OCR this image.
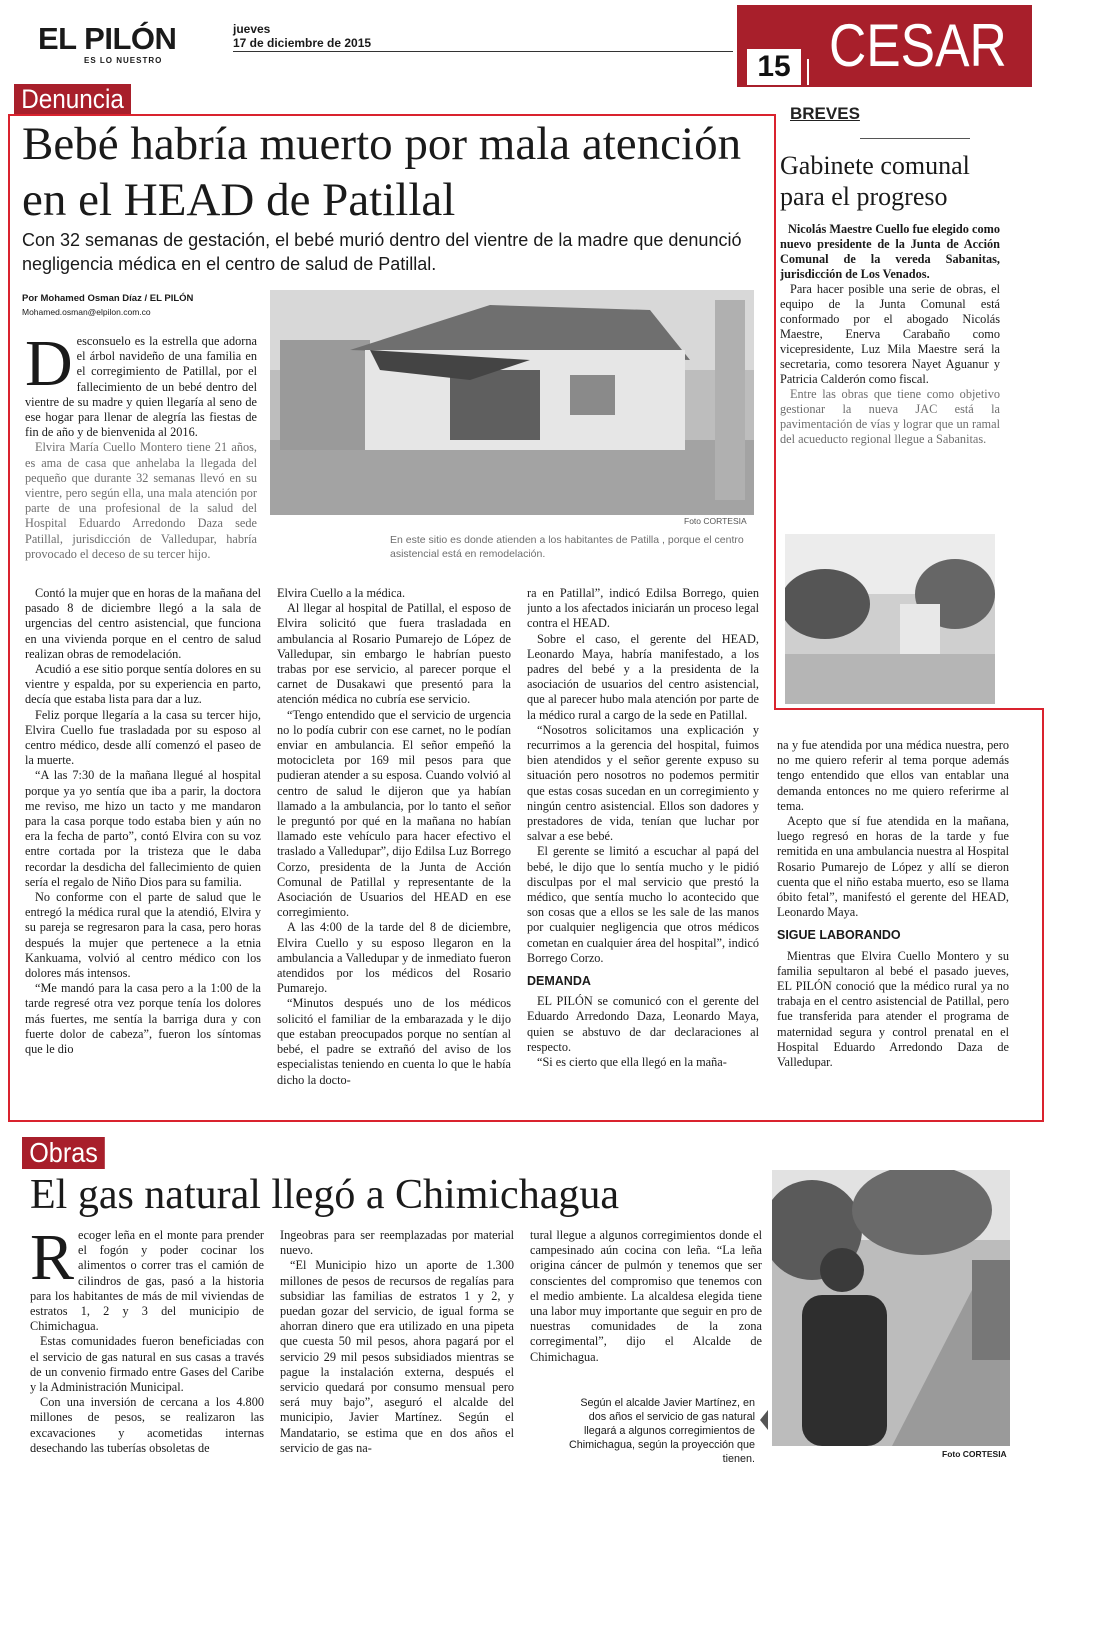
EL PILÓN
ES LO NUESTRO
jueves
17 de diciembre de 2015
15 CESAR
Denuncia
Bebé habría muerto por mala atención en el HEAD de Patillal
Con 32 semanas de gestación, el bebé murió dentro del vientre de la madre que denunció negligencia médica en el centro de salud de Patillal.
Por Mohamed Osman Díaz / EL PILÓN
Mohamed.osman@elpilon.com.co
Foto CORTESIA
En este sitio es donde atienden a los habitantes de Patilla , porque el centro asistencial está en remodelación.
D esconsuelo es la estrella que adorna el árbol navideño de una familia en el corregimiento de Patillal, por el fallecimiento de un bebé dentro del vientre de su madre y quien llegaría al seno de ese hogar para llenar de alegría las fiestas de fin de año y de bienvenida al 2016.

Elvira María Cuello Montero tiene 21 años, es ama de casa que anhelaba la llegada del pequeño que durante 32 semanas llevó en su vientre, pero según ella, una mala atención por parte de una profesional de la salud del Hospital Eduardo Arredondo Daza sede Patillal, jurisdicción de Valledupar, habría provocado el deceso de su tercer hijo.

Contó la mujer que en horas de la mañana del pasado 8 de diciembre llegó a la sala de urgencias del centro asistencial, que funciona en una vivienda porque en el centro de salud realizan obras de remodelación.

Acudió a ese sitio porque sentía dolores en su vientre y espalda, por su experiencia en parto, decía que estaba lista para dar a luz.

Feliz porque llegaría a la casa su tercer hijo, Elvira Cuello fue trasladada por su esposo al centro médico, desde allí comenzó el paseo de la muerte.

“A las 7:30 de la mañana llegué al hospital porque ya yo sentía que iba a parir, la doctora me reviso, me hizo un tacto y me mandaron para la casa porque todo estaba bien y aún no era la fecha de parto”, contó Elvira con su voz entre cortada por la tristeza que le daba recordar la desdicha del fallecimiento de quien sería el regalo de Niño Dios para su familia.

No conforme con el parte de salud que le entregó la médica rural que la atendió, Elvira y su pareja se regresaron para la casa, pero horas después la mujer que pertenece a la etnia Kankuama, volvió al centro médico con los dolores más intensos.

“Me mandó para la casa pero a la 1:00 de la tarde regresé otra vez porque tenía los dolores más fuertes, me sentía la barriga dura y con fuerte dolor de cabeza”, fueron los síntomas que le dio

Elvira Cuello a la médica.

Al llegar al hospital de Patillal, el esposo de Elvira solicitó que fuera trasladada en ambulancia al Rosario Pumarejo de López de Valledupar, sin embargo le habrían puesto trabas por ese servicio, al parecer porque el carnet de Dusakawi que presentó para la atención médica no cubría ese servicio.

“Tengo entendido que el servicio de urgencia no lo podía cubrir con ese carnet, no le podían enviar en ambulancia. El señor empeñó la motocicleta por 169 mil pesos para que pudieran atender a su esposa. Cuando volvió al centro de salud le dijeron que ya habían llamado a la ambulancia, por lo tanto el señor le preguntó por qué en la mañana no habían llamado este vehículo para hacer efectivo el traslado a Valledupar”, dijo Edilsa Luz Borrego Corzo, presidenta de la Junta de Acción Comunal de Patillal y representante de la Asociación de Usuarios del HEAD en ese corregimiento.

A las 4:00 de la tarde del 8 de diciembre, Elvira Cuello y su esposo llegaron en la ambulancia a Valledupar y de inmediato fueron atendidos por los médicos del Rosario Pumarejo.

“Minutos después uno de los médicos solicitó el familiar de la embarazada y le dijo que estaban preocupados porque no sentían al bebé, el padre se extrañó del aviso de los especialistas teniendo en cuenta lo que le había dicho la docto-

ra en Patillal”, indicó Edilsa Borrego, quien junto a los afectados iniciarán un proceso legal contra el HEAD.

Sobre el caso, el gerente del HEAD, Leonardo Maya, habría manifestado, a los padres del bebé y a la presidenta de la asociación de usuarios del centro asistencial, que al parecer hubo mala atención por parte de la médico rural a cargo de la sede en Patillal.

“Nosotros solicitamos una explicación y recurrimos a la gerencia del hospital, fuimos bien atendidos y el señor gerente expuso su situación pero nosotros no podemos permitir que estas cosas sucedan en un corregimiento y ningún centro asistencial. Ellos son dadores y prestadores de vida, tenían que luchar por salvar a ese bebé.

El gerente se limitó a escuchar al papá del bebé, le dijo que lo sentía mucho y le pidió disculpas por el mal servicio que prestó la médico, que sentía mucho lo acontecido que son cosas que a ellos se les sale de las manos por cualquier negligencia que otros médicos cometan en cualquier área del hospital”, indicó Borrego Corzo.

DEMANDA

EL PILÓN se comunicó con el gerente del Eduardo Arredondo Daza, Leonardo Maya, quien se abstuvo de dar declaraciones al respecto.

“Si es cierto que ella llegó en la maña-

na y fue atendida por una médica nuestra, pero no me quiero referir al tema porque además tengo entendido que ellos van entablar una demanda entonces no me quiero referirme al tema.

Acepto que sí fue atendida en la mañana, luego regresó en horas de la tarde y fue remitida en una ambulancia nuestra al Hospital Rosario Pumarejo de López y allí se dieron cuenta que el niño estaba muerto, eso se llama óbito fetal”, manifestó el gerente del HEAD, Leonardo Maya.

SIGUE LABORANDO

Mientras que Elvira Cuello Montero y su familia sepultaron al bebé el pasado jueves, EL PILÓN conoció que la médico rural ya no trabaja en el centro asistencial de Patillal, pero fue transferida para atender el programa de maternidad segura y control prenatal en el Hospital Eduardo Arredondo Daza de Valledupar.

BREVES
Gabinete comunal para el progreso

Nicolás Maestre Cuello fue elegido como nuevo presidente de la Junta de Acción Comunal de la vereda Sabanitas, jurisdicción de Los Venados.

Para hacer posible una serie de obras, el equipo de la Junta Comunal está conformado por el abogado Nicolás Maestre, Enerva Carabaño como vicepresidente, Luz Mila Maestre será la secretaria, como tesorera Nayet Aguanur y Patricia Calderón como fiscal.

Entre las obras que tiene como objetivo gestionar la nueva JAC está la pavimentación de vías y lograr que un ramal del acueducto regional llegue a Sabanitas.

Obras
El gas natural llegó a Chimichagua
R ecoger leña en el monte para prender el fogón y poder cocinar los alimentos o correr tras el camión de cilindros de gas, pasó a la historia para los habitantes de más de mil viviendas de estratos 1, 2 y 3 del municipio de Chimichagua.

Estas comunidades fueron beneficiadas con el servicio de gas natural en sus casas a través de un convenio firmado entre Gases del Caribe y la Administración Municipal.

Con una inversión de cercana a los 4.800 millones de pesos, se realizaron las excavaciones y acometidas internas desechando las tuberías obsoletas de

Ingeobras para ser reemplazadas por material nuevo.

“El Municipio hizo un aporte de 1.300 millones de pesos de recursos de regalías para subsidiar las familias de estratos 1 y 2, y puedan gozar del servicio, de igual forma se ahorran dinero que era utilizado en una pipeta que cuesta 50 mil pesos, ahora pagará por el servicio 29 mil pesos subsidiados mientras se pague la instalación externa, después el servicio quedará por consumo mensual pero será muy bajo”, aseguró el alcalde del municipio, Javier Martínez. Según el Mandatario, se estima que en dos años el servicio de gas na-

tural llegue a algunos corregimientos donde el campesinado aún cocina con leña. “La leña origina cáncer de pulmón y tenemos que ser conscientes del compromiso que tenemos con el medio ambiente. La alcaldesa elegida tiene una labor muy importante que seguir en pro de nuestras comunidades de la zona corregimental”, dijo el Alcalde de Chimichagua.

Según el alcalde Javier Martínez, en dos años el servicio de gas natural llegará a algunos corregimientos de Chimichagua, según la proyección que tienen.	Foto CORTESIA
